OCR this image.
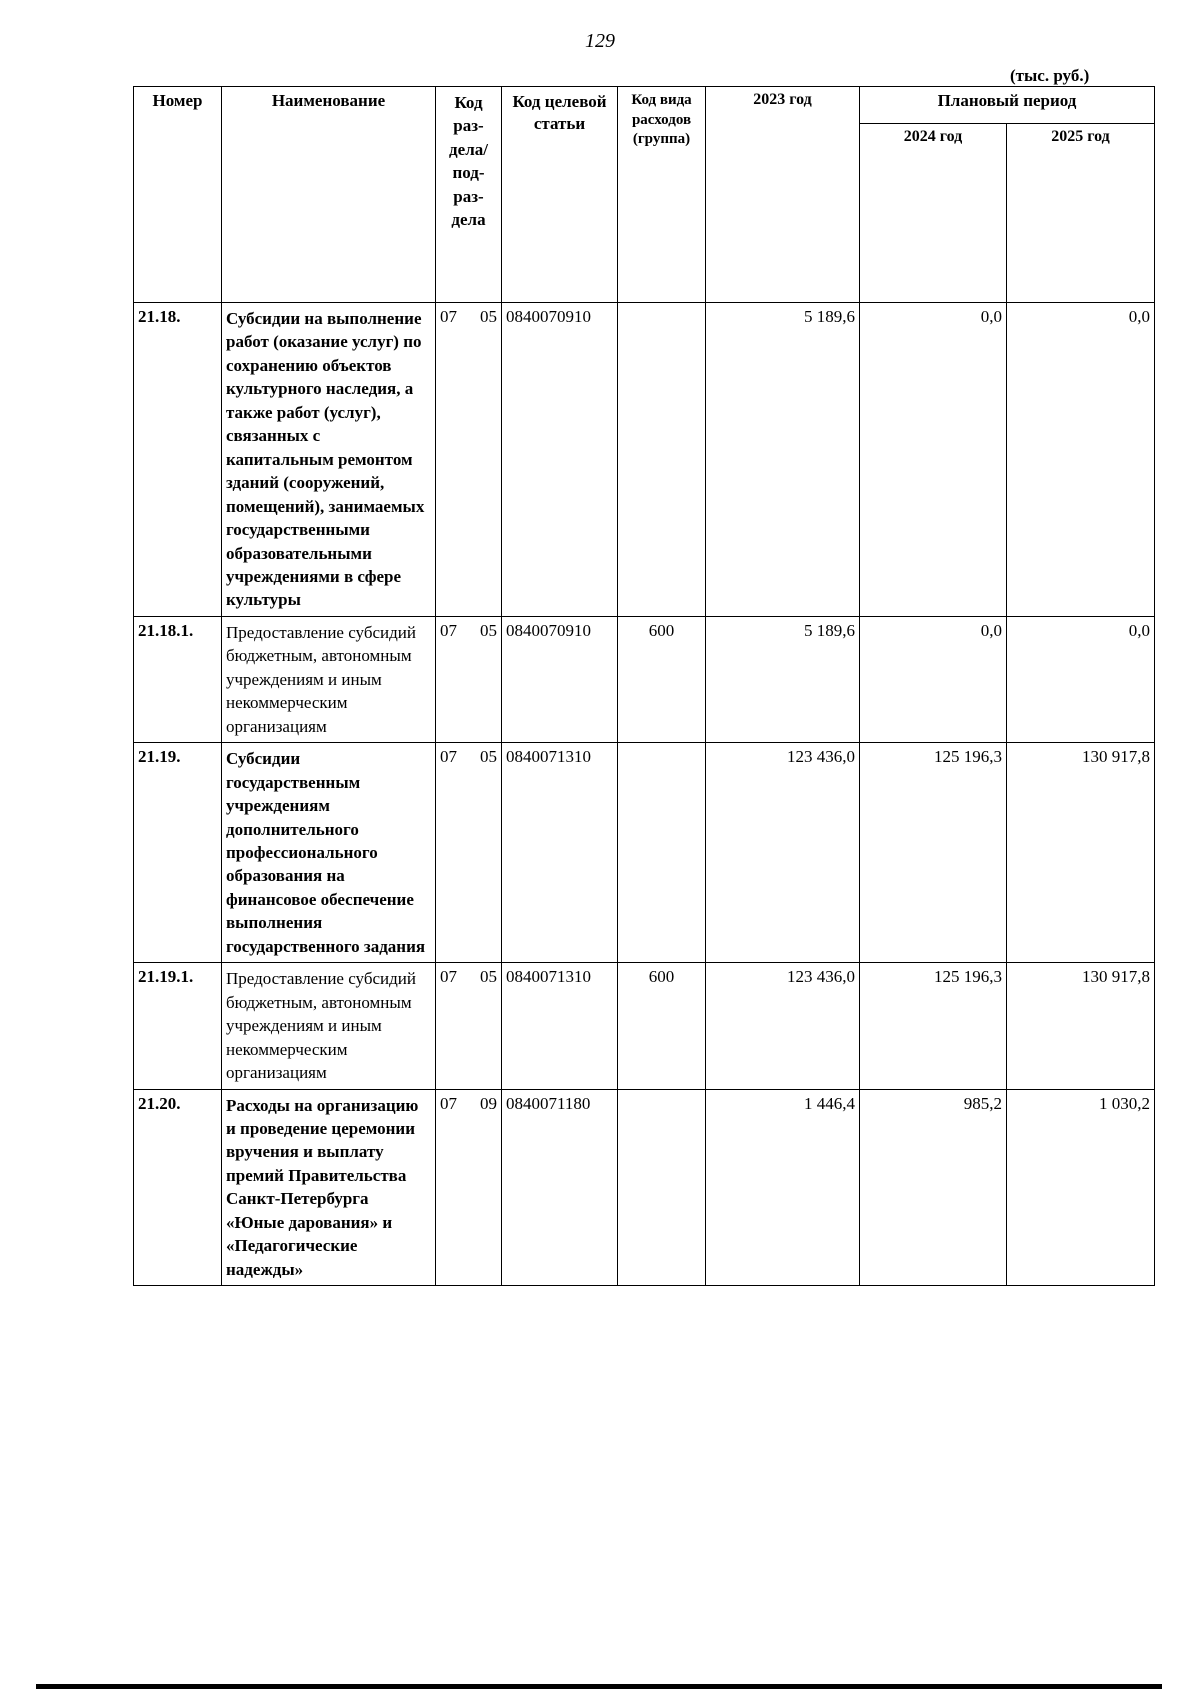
129
(тыс. руб.)
Номер	Наименование	Код раз-дела/ под-раз-дела	Код целевой статьи	Код вида расходов (группа)	2023 год	Плановый период	
						2024 год	2025 год
21.18.	Субсидии на выполнение работ (оказание услуг) по сохранению объектов культурного наследия, а также работ (услуг), связанных с капитальным ремонтом зданий (сооружений, помещений), занимаемых государственными образовательными учреждениями в сфере культуры	07 05	0840070910		5 189,6	0,0	0,0
21.18.1.	Предоставление субсидий бюджетным, автономным учреждениям и иным некоммерческим организациям	07 05	0840070910	600	5 189,6	0,0	0,0
21.19.	Субсидии государственным учреждениям дополнительного профессионального образования на финансовое обеспечение выполнения государственного задания	07 05	0840071310		123 436,0	125 196,3	130 917,8
21.19.1.	Предоставление субсидий бюджетным, автономным учреждениям и иным некоммерческим организациям	07 05	0840071310	600	123 436,0	125 196,3	130 917,8
21.20.	Расходы на организацию и проведение церемонии вручения и выплату премий Правительства Санкт-Петербурга «Юные дарования» и «Педагогические надежды»	07 09	0840071180		1 446,4	985,2	1 030,2
